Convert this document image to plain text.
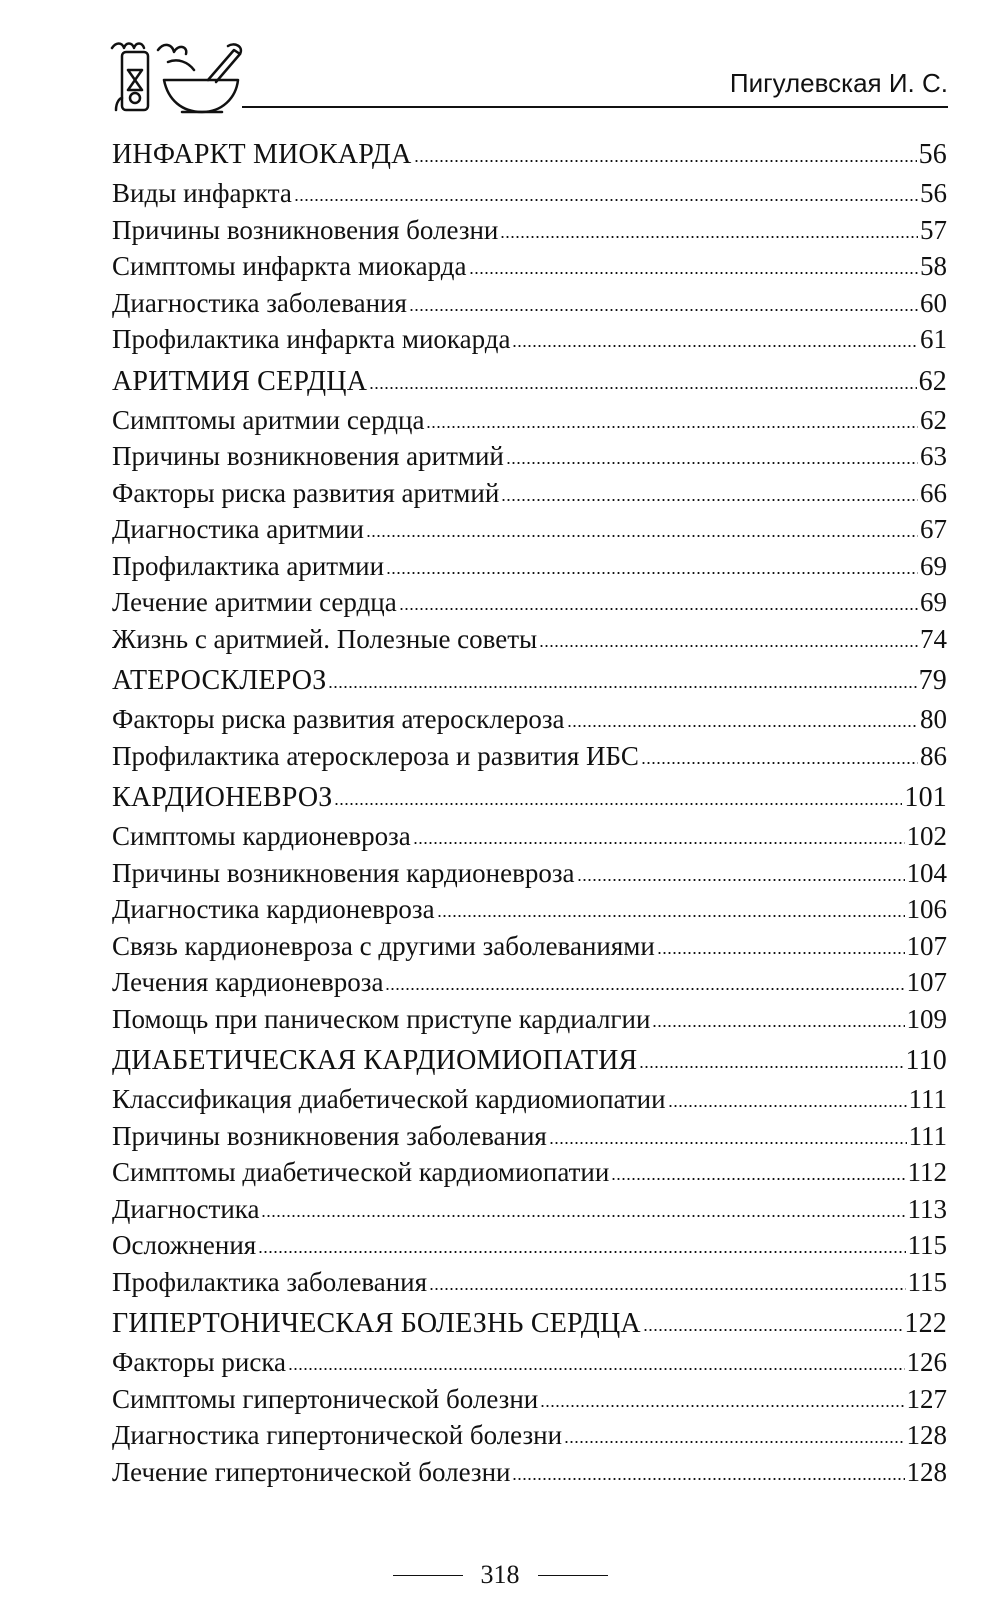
Пигулевская И. С.
ИНФАРКТ МИОКАРДА	56
Виды инфаркта	56
Причины возникновения болезни	57
Симптомы инфаркта миокарда	58
Диагностика заболевания	60
Профилактика инфаркта миокарда	61
АРИТМИЯ СЕРДЦА	62
Симптомы аритмии сердца	62
Причины возникновения аритмий	63
Факторы риска развития аритмий	66
Диагностика аритмии	67
Профилактика аритмии	69
Лечение аритмии сердца	69
Жизнь с аритмией. Полезные советы	74
АТЕРОСКЛЕРОЗ	79
Факторы риска развития атеросклероза	80
Профилактика атеросклероза и развития ИБС	86
КАРДИОНЕВРОЗ	101
Симптомы кардионевроза	102
Причины возникновения кардионевроза	104
Диагностика кардионевроза	106
Связь кардионевроза с другими заболеваниями	107
Лечения кардионевроза	107
Помощь при паническом приступе кардиалгии	109
ДИАБЕТИЧЕСКАЯ КАРДИОМИОПАТИЯ	110
Классификация диабетической кардиомиопатии	111
Причины возникновения заболевания	111
Симптомы диабетической кардиомиопатии	112
Диагностика	113
Осложнения	115
Профилактика заболевания	115
ГИПЕРТОНИЧЕСКАЯ БОЛЕЗНЬ СЕРДЦА	122
Факторы риска	126
Симптомы гипертонической болезни	127
Диагностика гипертонической болезни	128
Лечение гипертонической болезни	128
318
